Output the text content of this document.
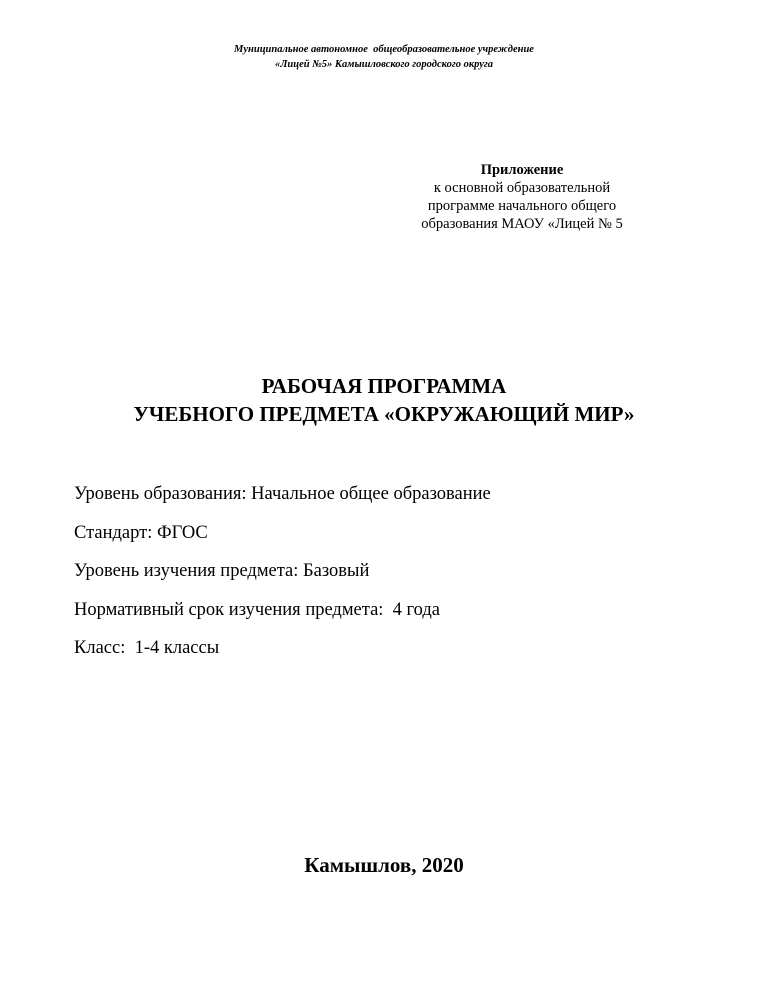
Муниципальное автономное  общеобразовательное учреждение
«Лицей №5» Камышловского городского округа
Приложение
к основной образовательной
программе начального общего
образования МАОУ «Лицей № 5
РАБОЧАЯ ПРОГРАММА
УЧЕБНОГО ПРЕДМЕТА «ОКРУЖАЮЩИЙ МИР»
Уровень образования: Начальное общее образование
Стандарт: ФГОС
Уровень изучения предмета: Базовый
Нормативный срок изучения предмета:  4 года
Класс:  1-4 классы
Камышлов, 2020
